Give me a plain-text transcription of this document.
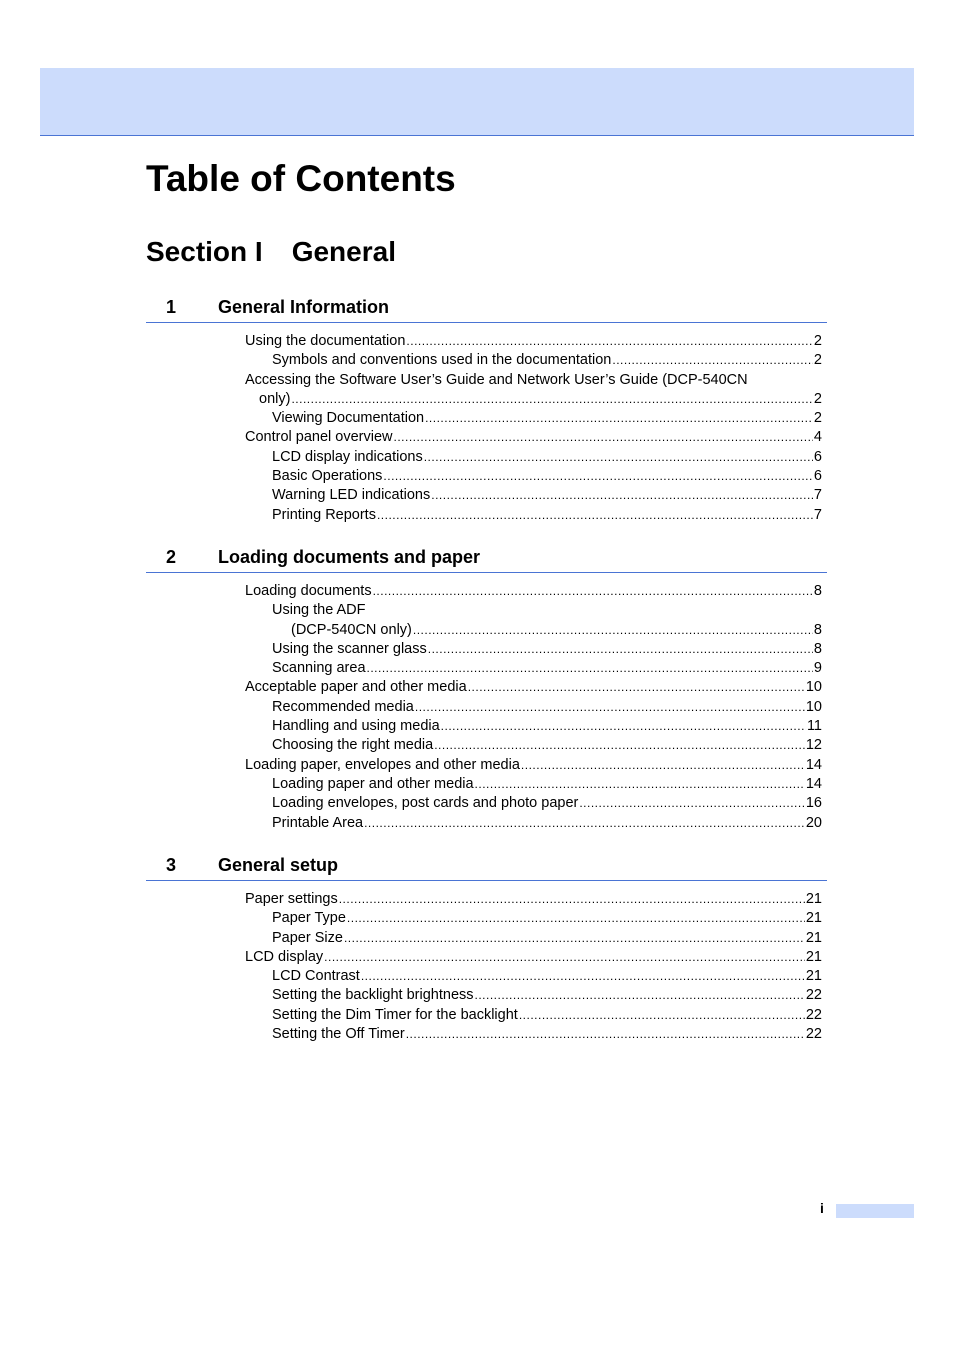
Table of Contents
Section I General
1 General Information
Using the documentation .....	2
Symbols and conventions used in the documentation .....	2
Accessing the Software User’s Guide and Network User’s Guide (DCP-540CN
only) .....	2
Viewing Documentation .....	2
Control panel overview .....	4
LCD display indications .....	6
Basic Operations .....	6
Warning LED indications .....	7
Printing Reports .....	7
2 Loading documents and paper
Loading documents .....	8
Using the ADF
(DCP-540CN only) .....	8
Using the scanner glass .....	8
Scanning area .....	9
Acceptable paper and other media .....	10
Recommended media .....	10
Handling and using media .....	11
Choosing the right media .....	12
Loading paper, envelopes and other media .....	14
Loading paper and other media .....	14
Loading envelopes, post cards and photo paper .....	16
Printable Area .....	20
3 General setup
Paper settings .....	21
Paper Type .....	21
Paper Size .....	21
LCD display .....	21
LCD Contrast .....	21
Setting the backlight brightness .....	22
Setting the Dim Timer for the backlight .....	22
Setting the Off Timer .....	22
i
